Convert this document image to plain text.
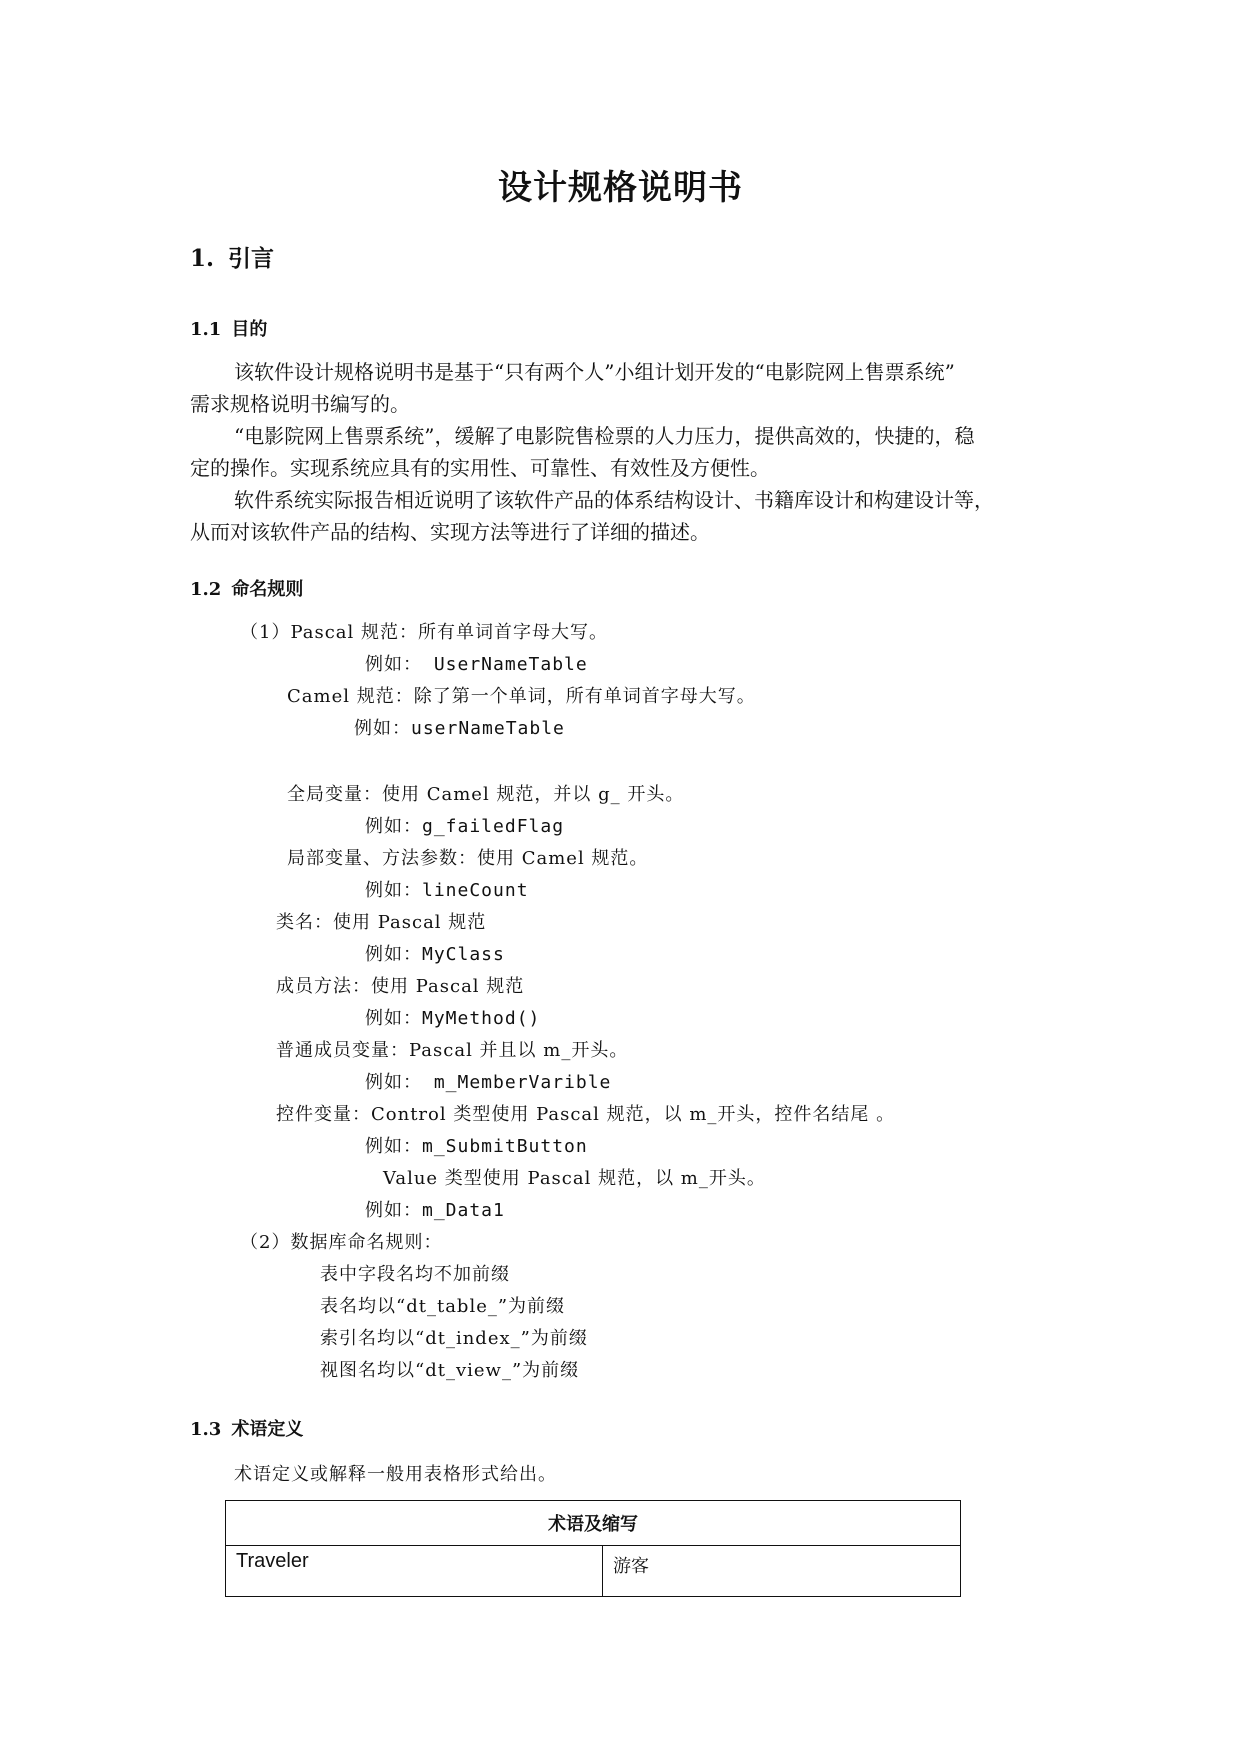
设计规格说明书
1. 引言
1.1 目的
该软件设计规格说明书是基于“只有两个人”小组计划开发的“电影院网上售票系统”
需求规格说明书编写的。
“电影院网上售票系统”，缓解了电影院售检票的人力压力，提供高效的，快捷的，稳
定的操作。实现系统应具有的实用性、可靠性、有效性及方便性。
软件系统实际报告相近说明了该软件产品的体系结构设计、书籍库设计和构建设计等，
从而对该软件产品的结构、实现方法等进行了详细的描述。
1.2 命名规则
（1）Pascal 规范：所有单词首字母大写。
例如： UserNameTable
Camel 规范：除了第一个单词，所有单词首字母大写。
例如：userNameTable
全局变量：使用 Camel 规范，并以 g_ 开头。
例如：g_failedFlag
局部变量、方法参数：使用 Camel 规范。
例如：lineCount
类名：使用 Pascal 规范
例如：MyClass
成员方法：使用 Pascal 规范
例如：MyMethod()
普通成员变量：Pascal 并且以 m_开头。
例如： m_MemberVarible
控件变量：Control 类型使用 Pascal 规范，以 m_开头，控件名结尾 。
例如：m_SubmitButton
Value 类型使用 Pascal 规范，以 m_开头。
例如：m_Data1
（2）数据库命名规则：
表中字段名均不加前缀
表名均以“dt_table_”为前缀
索引名均以“dt_index_”为前缀
视图名均以“dt_view_”为前缀
1.3 术语定义
术语定义或解释一般用表格形式给出。
术语及缩写
Traveler	游客
